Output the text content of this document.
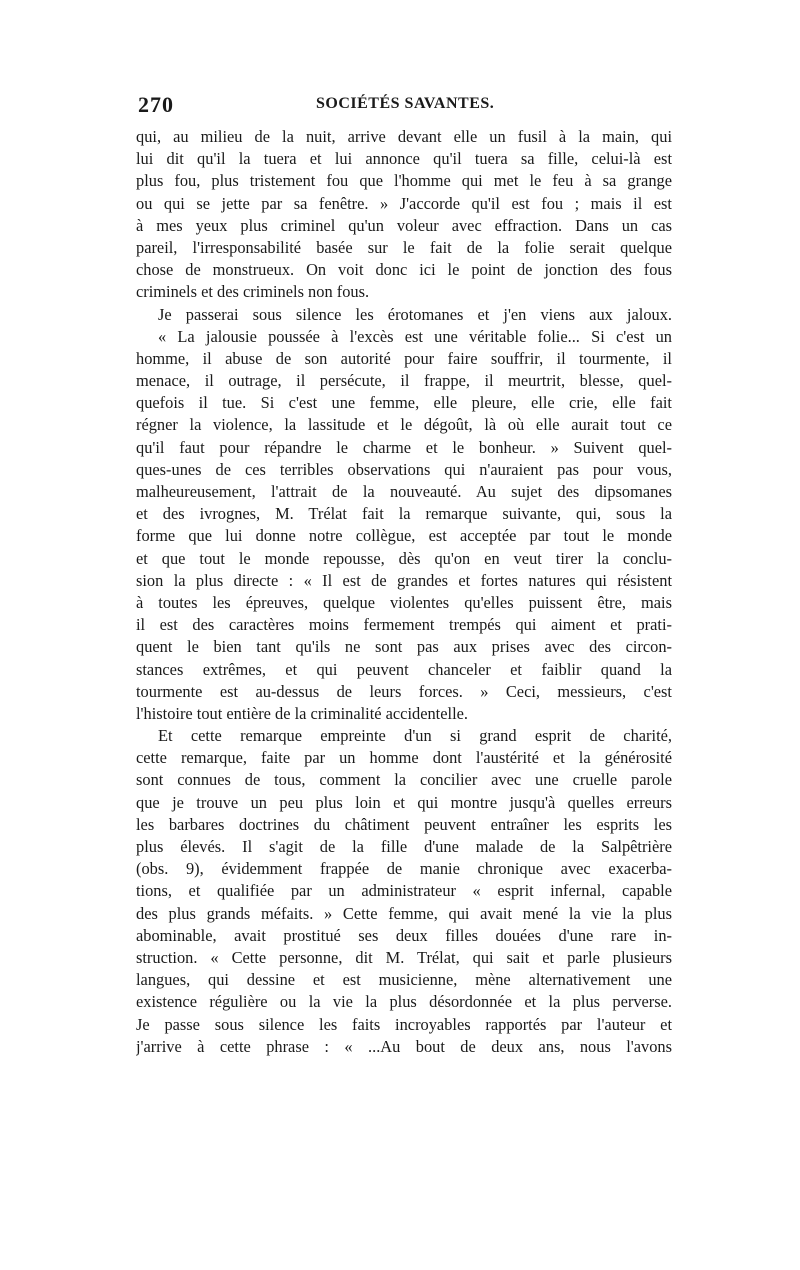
270	SOCIÉTÉS SAVANTES.
qui, au milieu de la nuit, arrive devant elle un fusil à la main, qui
lui dit qu'il la tuera et lui annonce qu'il tuera sa fille, celui-là est
plus fou, plus tristement fou que l'homme qui met le feu à sa grange
ou qui se jette par sa fenêtre. » J'accorde qu'il est fou ; mais il est
à mes yeux plus criminel qu'un voleur avec effraction. Dans un cas
pareil, l'irresponsabilité basée sur le fait de la folie serait quelque
chose de monstrueux. On voit donc ici le point de jonction des fous
criminels et des criminels non fous.
Je passerai sous silence les érotomanes et j'en viens aux jaloux.
« La jalousie poussée à l'excès est une véritable folie... Si c'est un
homme, il abuse de son autorité pour faire souffrir, il tourmente, il
menace, il outrage, il persécute, il frappe, il meurtrit, blesse, quel-
quefois il tue. Si c'est une femme, elle pleure, elle crie, elle fait
régner la violence, la lassitude et le dégoût, là où elle aurait tout ce
qu'il faut pour répandre le charme et le bonheur. » Suivent quel-
ques-unes de ces terribles observations qui n'auraient pas pour vous,
malheureusement, l'attrait de la nouveauté. Au sujet des dipsomanes
et des ivrognes, M. Trélat fait la remarque suivante, qui, sous la
forme que lui donne notre collègue, est acceptée par tout le monde
et que tout le monde repousse, dès qu'on en veut tirer la conclu-
sion la plus directe : « Il est de grandes et fortes natures qui résistent
à toutes les épreuves, quelque violentes qu'elles puissent être, mais
il est des caractères moins fermement trempés qui aiment et prati-
quent le bien tant qu'ils ne sont pas aux prises avec des circon-
stances extrêmes, et qui peuvent chanceler et faiblir quand la
tourmente est au-dessus de leurs forces. » Ceci, messieurs, c'est
l'histoire tout entière de la criminalité accidentelle.
Et cette remarque empreinte d'un si grand esprit de charité,
cette remarque, faite par un homme dont l'austérité et la générosité
sont connues de tous, comment la concilier avec une cruelle parole
que je trouve un peu plus loin et qui montre jusqu'à quelles erreurs
les barbares doctrines du châtiment peuvent entraîner les esprits les
plus élevés. Il s'agit de la fille d'une malade de la Salpêtrière
(obs. 9), évidemment frappée de manie chronique avec exacerba-
tions, et qualifiée par un administrateur « esprit infernal, capable
des plus grands méfaits. » Cette femme, qui avait mené la vie la plus
abominable, avait prostitué ses deux filles douées d'une rare in-
struction. « Cette personne, dit M. Trélat, qui sait et parle plusieurs
langues, qui dessine et est musicienne, mène alternativement une
existence régulière ou la vie la plus désordonnée et la plus perverse.
Je passe sous silence les faits incroyables rapportés par l'auteur et
j'arrive à cette phrase : « ...Au bout de deux ans, nous l'avons
